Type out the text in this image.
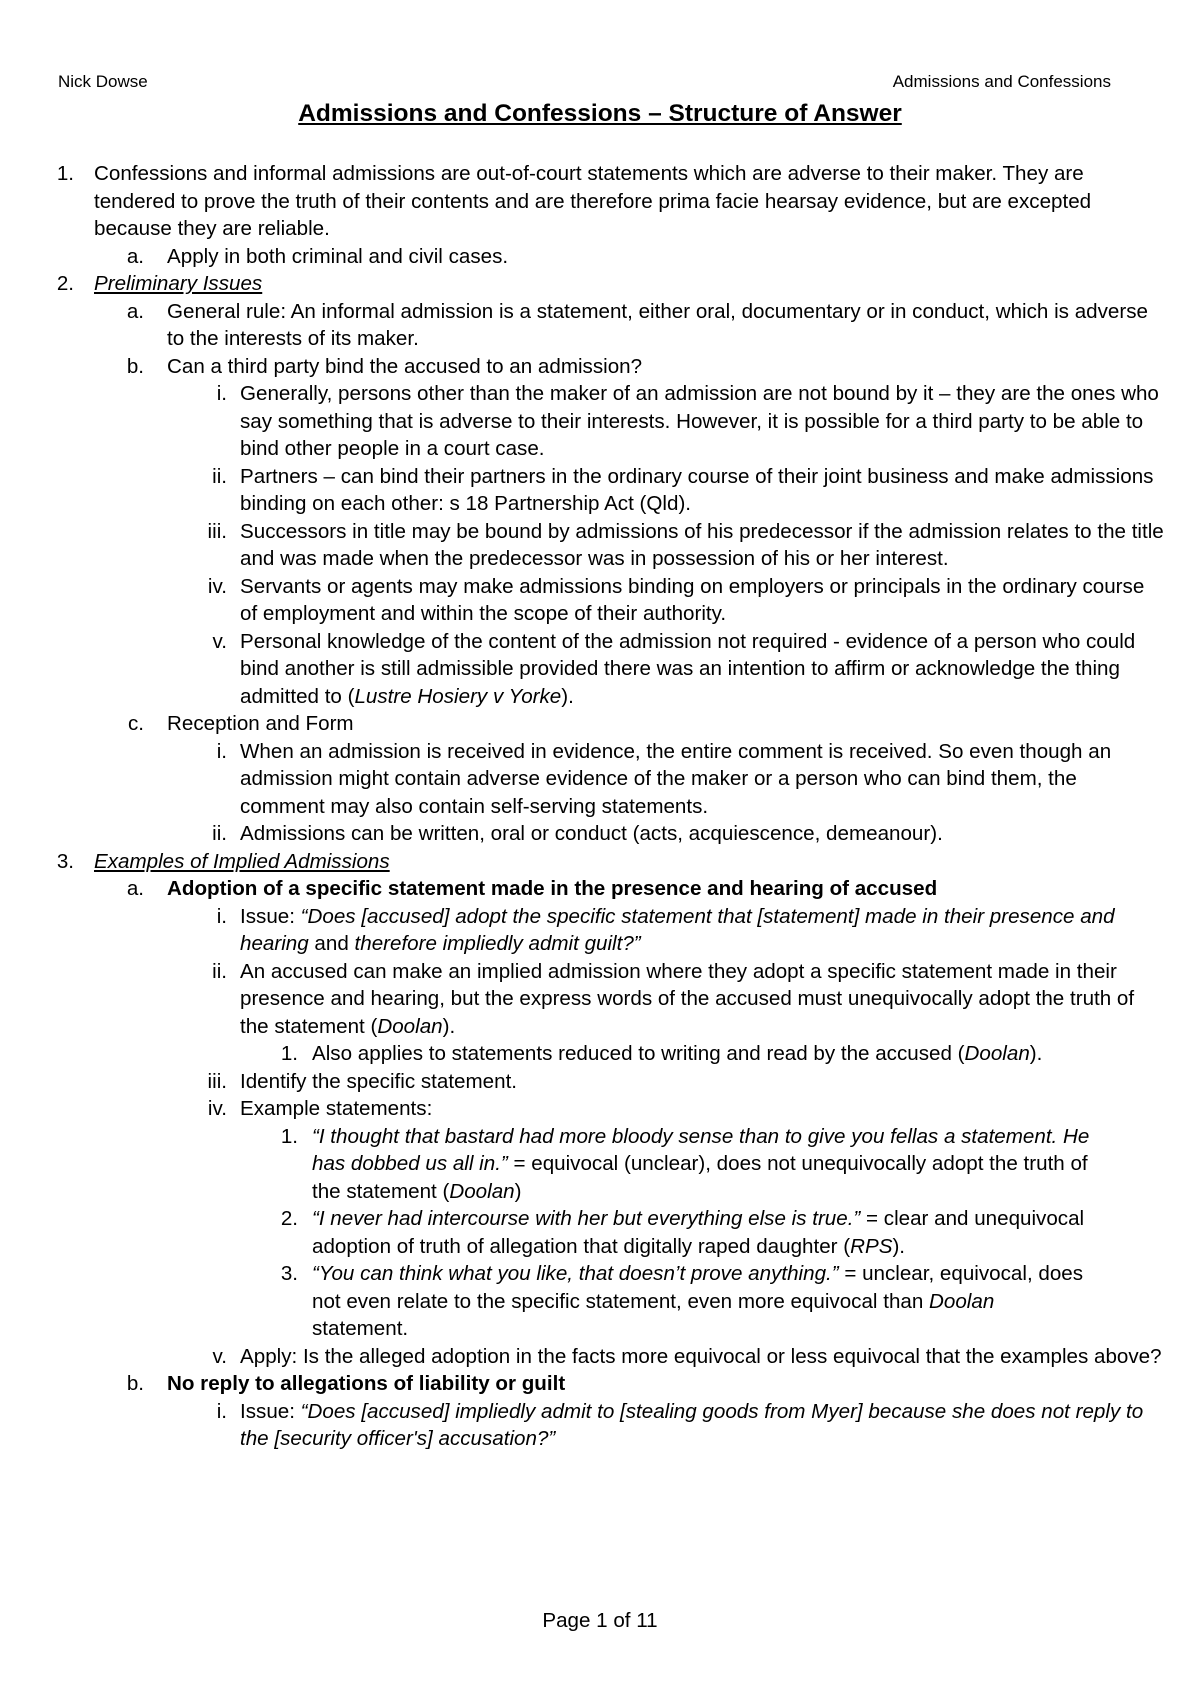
Nick Dowse	Admissions and Confessions
Admissions and Confessions – Structure of Answer
1. Confessions and informal admissions are out-of-court statements which are adverse to their maker. They are tendered to prove the truth of their contents and are therefore prima facie hearsay evidence, but are excepted because they are reliable.
a. Apply in both criminal and civil cases.
2. Preliminary Issues
a. General rule: An informal admission is a statement, either oral, documentary or in conduct, which is adverse to the interests of its maker.
b. Can a third party bind the accused to an admission?
i. Generally, persons other than the maker of an admission are not bound by it – they are the ones who say something that is adverse to their interests. However, it is possible for a third party to be able to bind other people in a court case.
ii. Partners – can bind their partners in the ordinary course of their joint business and make admissions binding on each other: s 18 Partnership Act (Qld).
iii. Successors in title may be bound by admissions of his predecessor if the admission relates to the title and was made when the predecessor was in possession of his or her interest.
iv. Servants or agents may make admissions binding on employers or principals in the ordinary course of employment and within the scope of their authority.
v. Personal knowledge of the content of the admission not required - evidence of a person who could bind another is still admissible provided there was an intention to affirm or acknowledge the thing admitted to (Lustre Hosiery v Yorke).
c. Reception and Form
i. When an admission is received in evidence, the entire comment is received. So even though an admission might contain adverse evidence of the maker or a person who can bind them, the comment may also contain self-serving statements.
ii. Admissions can be written, oral or conduct (acts, acquiescence, demeanour).
3. Examples of Implied Admissions
a. Adoption of a specific statement made in the presence and hearing of accused
i. Issue: “Does [accused] adopt the specific statement that [statement] made in their presence and hearing and therefore impliedly admit guilt?”
ii. An accused can make an implied admission where they adopt a specific statement made in their presence and hearing, but the express words of the accused must unequivocally adopt the truth of the statement (Doolan).
1. Also applies to statements reduced to writing and read by the accused (Doolan).
iii. Identify the specific statement.
iv. Example statements:
1. “I thought that bastard had more bloody sense than to give you fellas a statement. He has dobbed us all in.” = equivocal (unclear), does not unequivocally adopt the truth of the statement (Doolan)
2. “I never had intercourse with her but everything else is true.” = clear and unequivocal adoption of truth of allegation that digitally raped daughter (RPS).
3. “You can think what you like, that doesn’t prove anything.” = unclear, equivocal, does not even relate to the specific statement, even more equivocal than Doolan statement.
v. Apply: Is the alleged adoption in the facts more equivocal or less equivocal that the examples above?
b. No reply to allegations of liability or guilt
i. Issue: “Does [accused] impliedly admit to [stealing goods from Myer] because she does not reply to the [security officer's] accusation?”
Page 1 of 11
